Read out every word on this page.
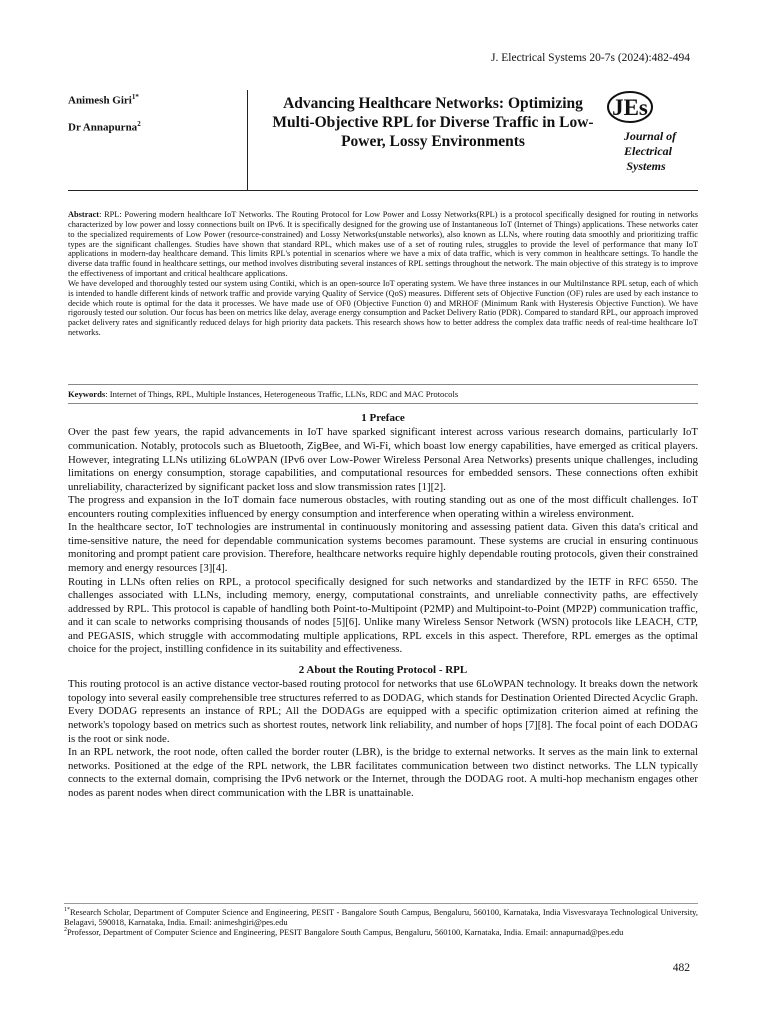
J. Electrical Systems 20-7s (2024):482-494
Animesh Giri$^{1*}$
Dr Annapurna$^2$
Advancing Healthcare Networks: Optimizing Multi-Objective RPL for Diverse Traffic in Low-Power, Lossy Environments
JEs
Journal of
Electrical
Systems

Abstract: RPL: Powering modern healthcare IoT Networks. The Routing Protocol for Low Power and Lossy Networks(RPL) is a protocol specifically designed for routing in networks characterized by low power and lossy connections built on IPv6. It is specifically designed for the growing use of Instantaneous IoT (Internet of Things) applications. These networks cater to the specialized requirements of Low Power (resource-constrained) and Lossy Networks(unstable networks), also known as LLNs, where routing data smoothly and prioritizing traffic types are the significant challenges. Studies have shown that standard RPL, which makes use of a set of routing rules, struggles to provide the level of performance that many IoT applications in modern-day healthcare demand. This limits RPL's potential in scenarios where we have a mix of data traffic, which is very common in healthcare settings. To handle the diverse data traffic found in healthcare settings, our method involves distributing several instances of RPL settings throughout the network. The main objective of this strategy is to improve the effectiveness of important and critical healthcare applications.

We have developed and thoroughly tested our system using Contiki, which is an open-source IoT operating system. We have three instances in our MultiInstance RPL setup, each of which is intended to handle different kinds of network traffic and provide varying Quality of Service (QoS) measures. Different sets of Objective Function (OF) rules are used by each instance to decide which route is optimal for the data it processes. We have made use of OF0 (Objective Function 0) and MRHOF (Minimum Rank with Hysteresis Objective Function). We have rigorously tested our solution. Our focus has been on metrics like delay, average energy consumption and Packet Delivery Ratio (PDR). Compared to standard RPL, our approach improved packet delivery rates and significantly reduced delays for high priority data packets. This research shows how to better address the complex data traffic needs of real-time healthcare IoT networks.

Keywords: Internet of Things, RPL, Multiple Instances, Heterogeneous Traffic, LLNs, RDC and MAC Protocols
1 Preface

Over the past few years, the rapid advancements in IoT have sparked significant interest across various research domains, particularly IoT communication. Notably, protocols such as Bluetooth, ZigBee, and Wi-Fi, which boast low energy capabilities, have emerged as critical players. However, integrating LLNs utilizing 6LoWPAN (IPv6 over Low-Power Wireless Personal Area Networks) presents unique challenges, including limitations on energy consumption, storage capabilities, and computational resources for embedded sensors. These connections often exhibit unreliability, characterized by significant packet loss and slow transmission rates [1][2].

The progress and expansion in the IoT domain face numerous obstacles, with routing standing out as one of the most difficult challenges. IoT encounters routing complexities influenced by energy consumption and interference when operating within a wireless environment.

In the healthcare sector, IoT technologies are instrumental in continuously monitoring and assessing patient data. Given this data's critical and time-sensitive nature, the need for dependable communication systems becomes paramount. These systems are crucial in ensuring continuous monitoring and prompt patient care provision. Therefore, healthcare networks require highly dependable routing protocols, given their constrained memory and energy resources [3][4].

Routing in LLNs often relies on RPL, a protocol specifically designed for such networks and standardized by the IETF in RFC 6550. The challenges associated with LLNs, including memory, energy, computational constraints, and unreliable connectivity paths, are effectively addressed by RPL. This protocol is capable of handling both Point-to-Multipoint (P2MP) and Multipoint-to-Point (MP2P) communication traffic, and it can scale to networks comprising thousands of nodes [5][6]. Unlike many Wireless Sensor Network (WSN) protocols like LEACH, CTP, and PEGASIS, which struggle with accommodating multiple applications, RPL excels in this aspect. Therefore, RPL emerges as the optimal choice for the project, instilling confidence in its suitability and effectiveness.

2 About the Routing Protocol - RPL

This routing protocol is an active distance vector-based routing protocol for networks that use 6LoWPAN technology. It breaks down the network topology into several easily comprehensible tree structures referred to as DODAG, which stands for Destination Oriented Directed Acyclic Graph. Every DODAG represents an instance of RPL; All the DODAGs are equipped with a specific optimization criterion aimed at refining the network's topology based on metrics such as shortest routes, network link reliability, and number of hops [7][8]. The focal point of each DODAG is the root or sink node.

In an RPL network, the root node, often called the border router (LBR), is the bridge to external networks. It serves as the main link to external networks. Positioned at the edge of the RPL network, the LBR facilitates communication between two distinct networks. The LLN typically connects to the external domain, comprising the IPv6 network or the Internet, through the DODAG root. A multi-hop mechanism engages other nodes as parent nodes when direct communication with the LBR is unattainable.

$^{1*}$Research Scholar, Department of Computer Science and Engineering, PESIT - Bangalore South Campus, Bengaluru, 560100, Karnataka, India Visvesvaraya Technological University, Belagavi, 590018, Karnataka, India. Email: animeshgiri@pes.edu

$^2$Professor, Department of Computer Science and Engineering, PESIT Bangalore South Campus, Bengaluru, 560100, Karnataka, India. Email: annapurnad@pes.edu

482
